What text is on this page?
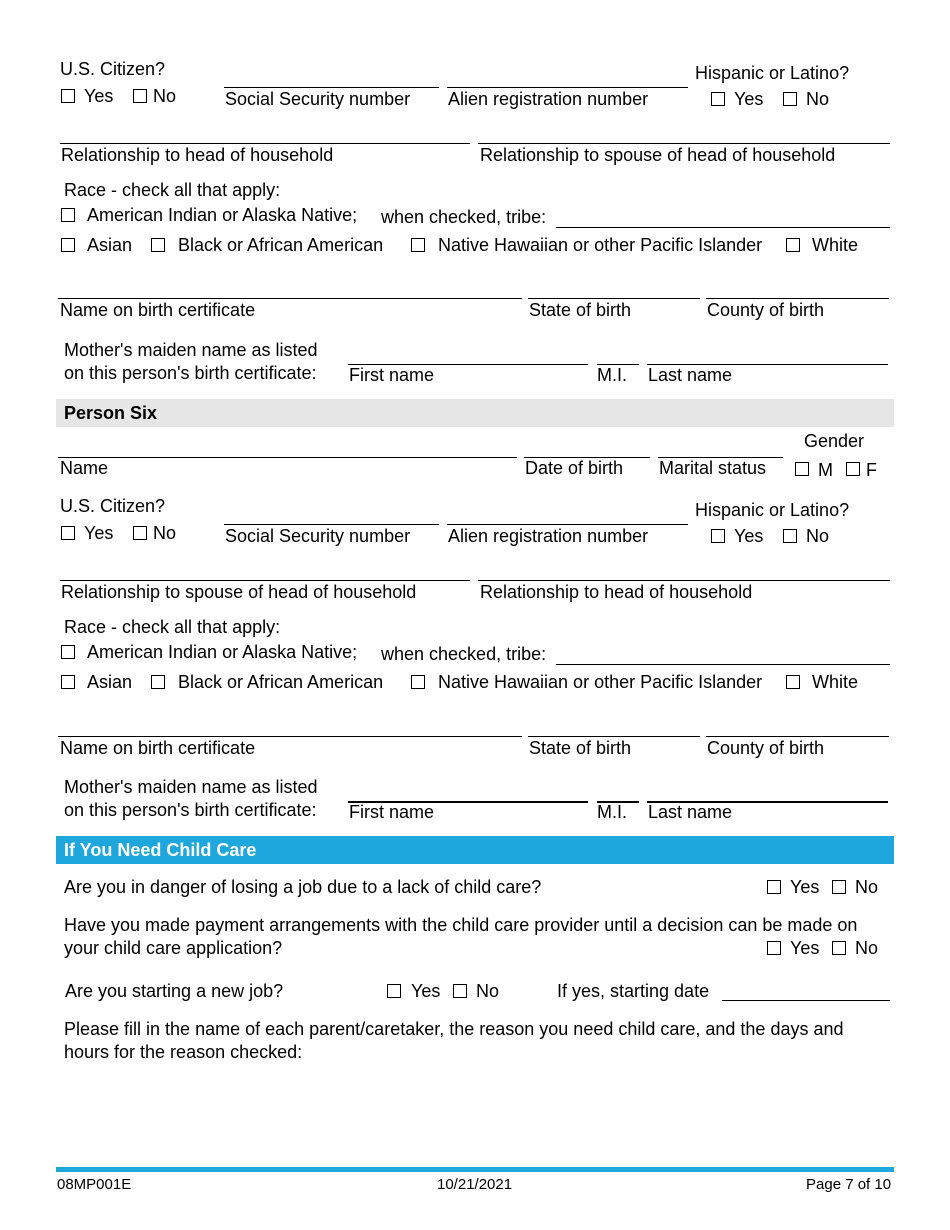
U.S. Citizen?
Yes No	Social Security number Alien registration number
Hispanic or Latino?
Yes No
Relationship to head of household	Relationship to spouse of head of household
Race - check all that apply:
American Indian or Alaska Native; when checked, tribe:
Asian	Black or African American	Native Hawaiian or other Pacific Islander	White
Name on birth certificate	State of birth	County of birth
Mother's maiden name as listed
on this person's birth certificate: First name	M.I. Last name
Person Six
Gender
Name	Date of birth Marital status	M F
U.S. Citizen?
Yes No	Social Security number Alien registration number
Hispanic or Latino?
Yes No
Relationship to spouse of head of household	Relationship to head of household
Race - check all that apply:
American Indian or Alaska Native; when checked, tribe:
Asian	Black or African American	Native Hawaiian or other Pacific Islander	White
Name on birth certificate	State of birth	County of birth
Mother's maiden name as listed
on this person's birth certificate: First name	M.I. Last name
If You Need Child Care
Are you in danger of losing a job due to a lack of child care?	Yes No
Have you made payment arrangements with the child care provider until a decision can be made on
your child care application?	Yes No
Are you starting a new job?	Yes No	If yes, starting date
Please fill in the name of each parent/caretaker, the reason you need child care, and the days and
hours for the reason checked:
08MP001E	10/21/2021	Page 7 of 10
